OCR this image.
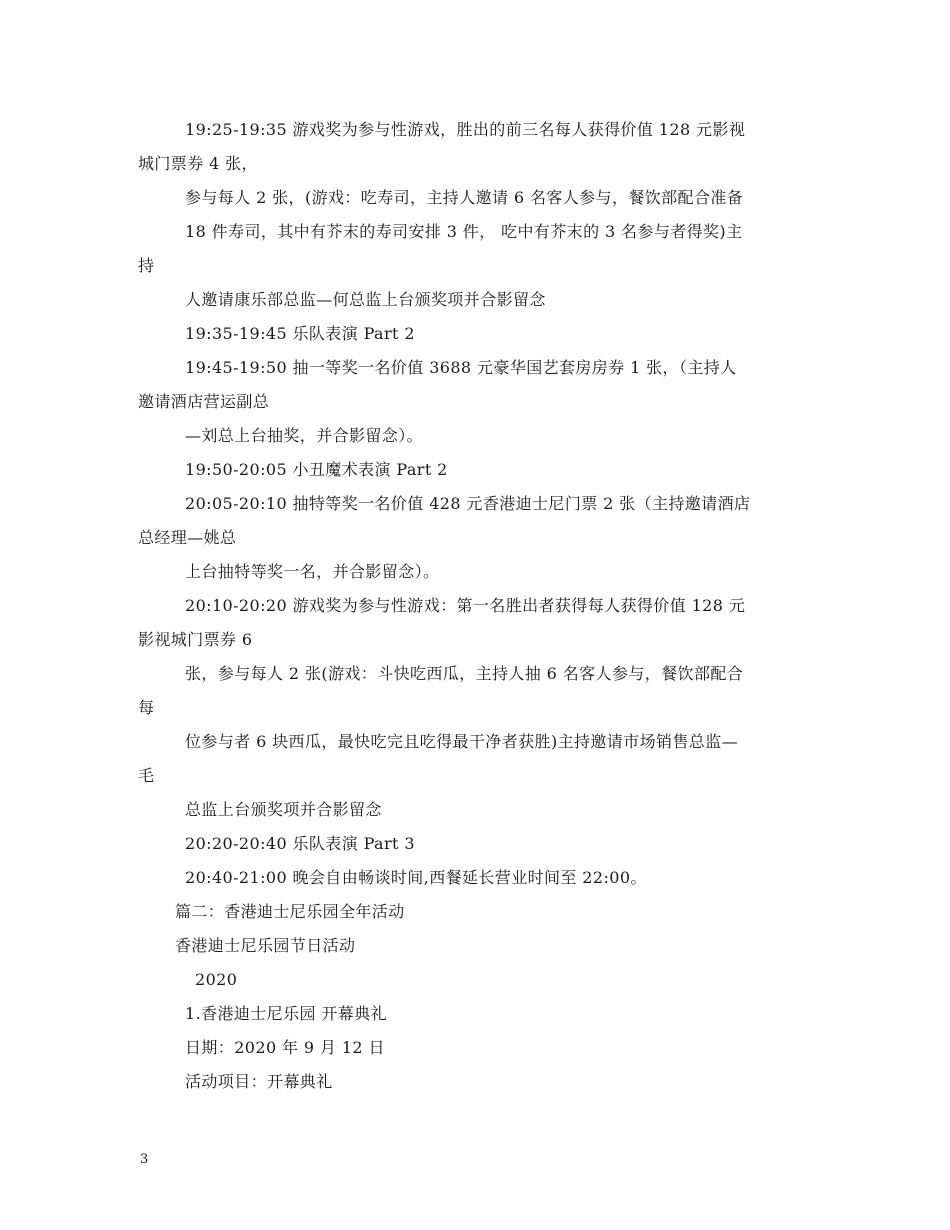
19:25-19:35 游戏奖为参与性游戏，胜出的前三名每人获得价值 128 元影视
城门票券 4 张，
参与每人 2 张，(游戏：吃寿司，主持人邀请 6 名客人参与，餐饮部配合准备
18 件寿司，其中有芥末的寿司安排 3 件， 吃中有芥末的 3 名参与者得奖)主
持
人邀请康乐部总监—何总监上台颁奖项并合影留念
19:35-19:45 乐队表演 Part 2
19:45-19:50 抽一等奖一名价值 3688 元豪华国艺套房房券 1 张，（主持人
邀请酒店营运副总
—刘总上台抽奖，并合影留念）。
19:50-20:05 小丑魔术表演 Part 2
20:05-20:10 抽特等奖一名价值 428 元香港迪士尼门票 2 张（主持邀请酒店
总经理—姚总
上台抽特等奖一名，并合影留念）。
20:10-20:20 游戏奖为参与性游戏：第一名胜出者获得每人获得价值 128 元
影视城门票券 6
张，参与每人 2 张(游戏：斗快吃西瓜，主持人抽 6 名客人参与，餐饮部配合
每
位参与者 6 块西瓜，最快吃完且吃得最干净者获胜)主持邀请市场销售总监—
毛
总监上台颁奖项并合影留念
20:20-20:40 乐队表演 Part 3
20:40-21:00 晚会自由畅谈时间,西餐延长营业时间至 22:00。
篇二：香港迪士尼乐园全年活动
香港迪士尼乐园节日活动
2020
1.香港迪士尼乐园 开幕典礼
日期：2020 年 9 月 12 日
活动项目：开幕典礼
3
